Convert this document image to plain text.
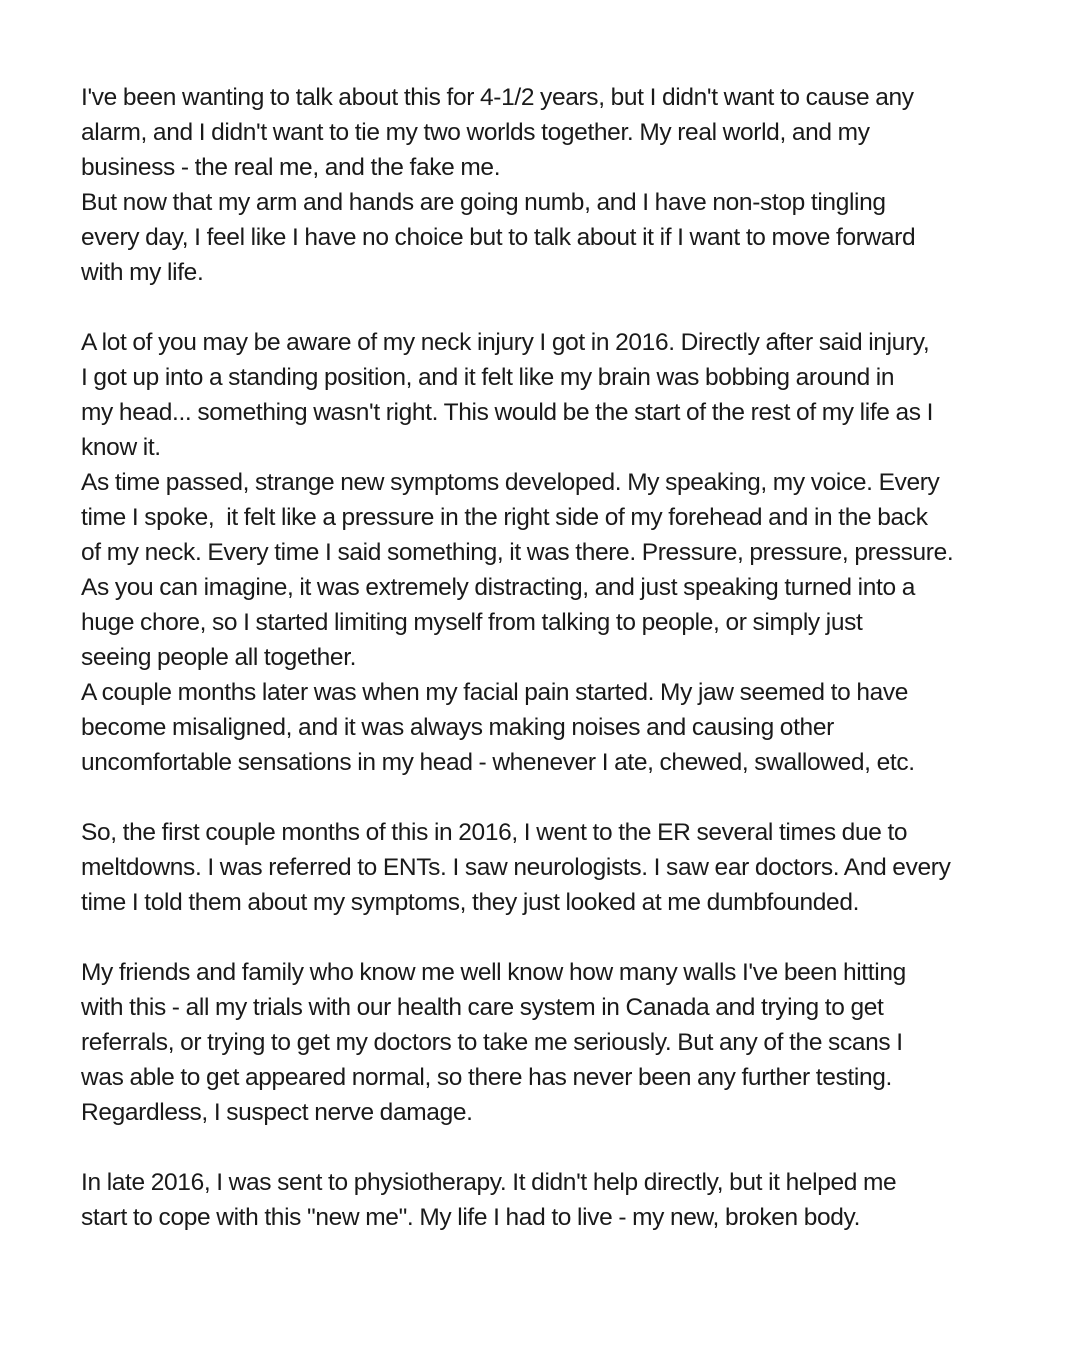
I've been wanting to talk about this for 4-1/2 years, but I didn't want to cause any
alarm, and I didn't want to tie my two worlds together. My real world, and my
business - the real me, and the fake me.
But now that my arm and hands are going numb, and I have non-stop tingling
every day, I feel like I have no choice but to talk about it if I want to move forward
with my life.
A lot of you may be aware of my neck injury I got in 2016. Directly after said injury,
I got up into a standing position, and it felt like my brain was bobbing around in
my head... something wasn't right. This would be the start of the rest of my life as I
know it.
As time passed, strange new symptoms developed. My speaking, my voice. Every
time I spoke,  it felt like a pressure in the right side of my forehead and in the back
of my neck. Every time I said something, it was there. Pressure, pressure, pressure.
As you can imagine, it was extremely distracting, and just speaking turned into a
huge chore, so I started limiting myself from talking to people, or simply just
seeing people all together.
A couple months later was when my facial pain started. My jaw seemed to have
become misaligned, and it was always making noises and causing other
uncomfortable sensations in my head - whenever I ate, chewed, swallowed, etc.
So, the first couple months of this in 2016, I went to the ER several times due to
meltdowns. I was referred to ENTs. I saw neurologists. I saw ear doctors. And every
time I told them about my symptoms, they just looked at me dumbfounded.
My friends and family who know me well know how many walls I've been hitting
with this - all my trials with our health care system in Canada and trying to get
referrals, or trying to get my doctors to take me seriously. But any of the scans I
was able to get appeared normal, so there has never been any further testing.
Regardless, I suspect nerve damage.
In late 2016, I was sent to physiotherapy. It didn't help directly, but it helped me
start to cope with this "new me". My life I had to live - my new, broken body.
